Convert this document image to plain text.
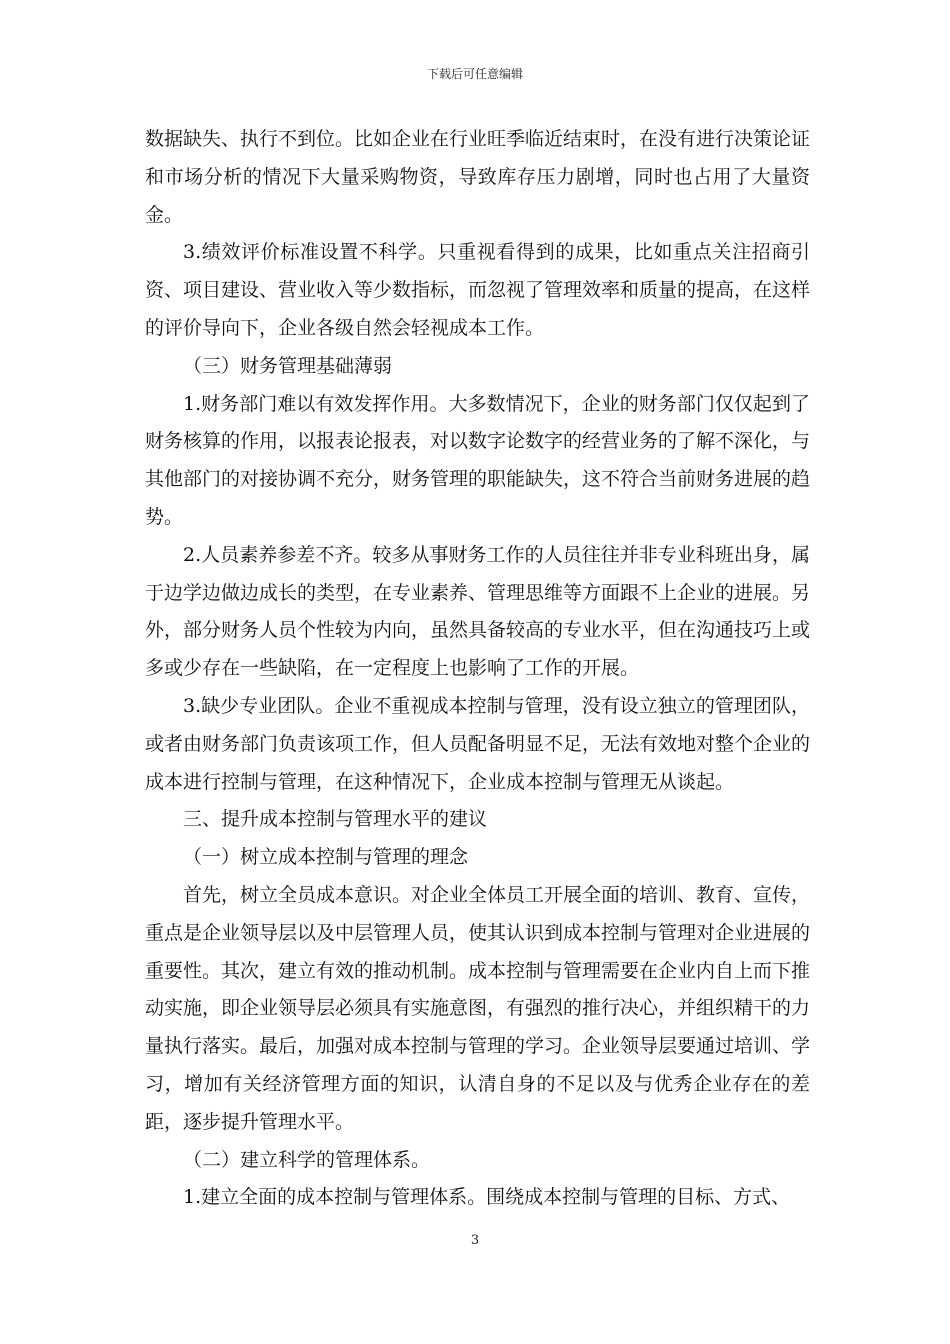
下载后可任意编辑

数据缺失、执行不到位。比如企业在行业旺季临近结束时，在没有进行决策论证和市场分析的情况下大量采购物资，导致库存压力剧增，同时也占用了大量资金。

3.绩效评价标准设置不科学。只重视看得到的成果，比如重点关注招商引资、项目建设、营业收入等少数指标，而忽视了管理效率和质量的提高，在这样的评价导向下，企业各级自然会轻视成本工作。

（三）财务管理基础薄弱

1.财务部门难以有效发挥作用。大多数情况下，企业的财务部门仅仅起到了财务核算的作用，以报表论报表，对以数字论数字的经营业务的了解不深化，与其他部门的对接协调不充分，财务管理的职能缺失，这不符合当前财务进展的趋势。

2.人员素养参差不齐。较多从事财务工作的人员往往并非专业科班出身，属于边学边做边成长的类型，在专业素养、管理思维等方面跟不上企业的进展。另外，部分财务人员个性较为内向，虽然具备较高的专业水平，但在沟通技巧上或多或少存在一些缺陷，在一定程度上也影响了工作的开展。

3.缺少专业团队。企业不重视成本控制与管理，没有设立独立的管理团队，或者由财务部门负责该项工作，但人员配备明显不足，无法有效地对整个企业的成本进行控制与管理，在这种情况下，企业成本控制与管理无从谈起。

三、提升成本控制与管理水平的建议

（一）树立成本控制与管理的理念

首先，树立全员成本意识。对企业全体员工开展全面的培训、教育、宣传，重点是企业领导层以及中层管理人员，使其认识到成本控制与管理对企业进展的重要性。其次，建立有效的推动机制。成本控制与管理需要在企业内自上而下推动实施，即企业领导层必须具有实施意图，有强烈的推行决心，并组织精干的力量执行落实。最后，加强对成本控制与管理的学习。企业领导层要通过培训、学习，增加有关经济管理方面的知识，认清自身的不足以及与优秀企业存在的差距，逐步提升管理水平。

（二）建立科学的管理体系。

1.建立全面的成本控制与管理体系。围绕成本控制与管理的目标、方式、

3
